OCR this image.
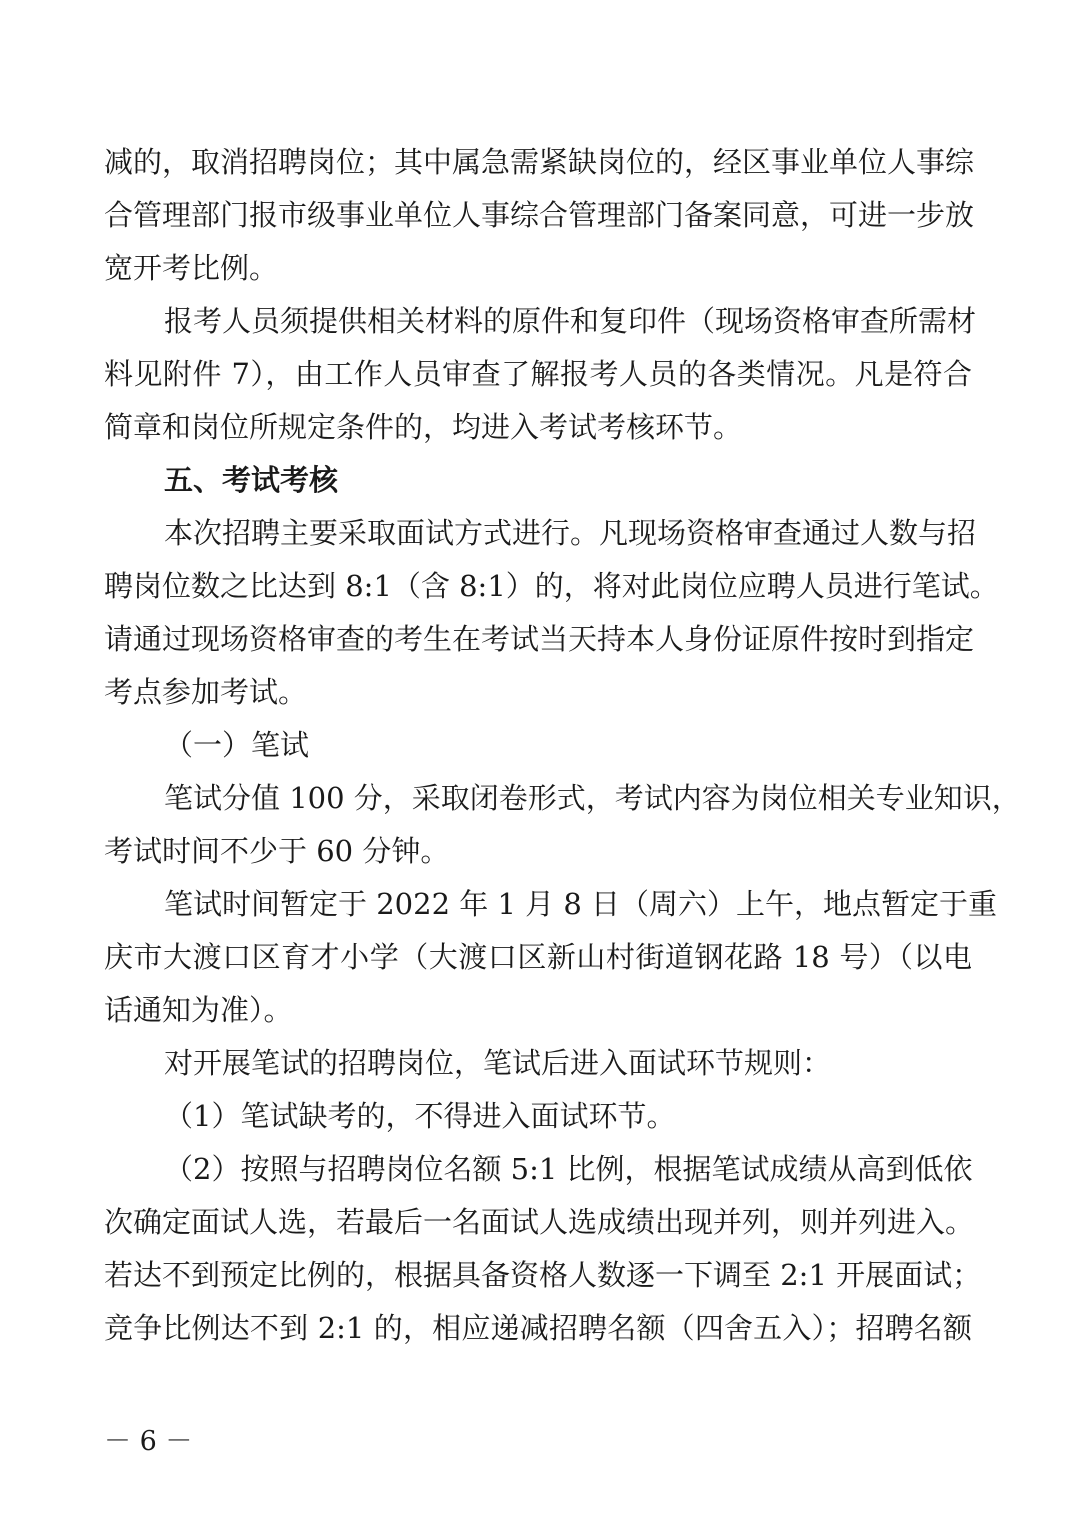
减的，取消招聘岗位；其中属急需紧缺岗位的，经区事业单位人事综
合管理部门报市级事业单位人事综合管理部门备案同意，可进一步放
宽开考比例。
报考人员须提供相关材料的原件和复印件（现场资格审查所需材
料见附件 7），由工作人员审查了解报考人员的各类情况。凡是符合
简章和岗位所规定条件的，均进入考试考核环节。
五、考试考核
本次招聘主要采取面试方式进行。凡现场资格审查通过人数与招
聘岗位数之比达到 8:1（含 8:1）的，将对此岗位应聘人员进行笔试。
请通过现场资格审查的考生在考试当天持本人身份证原件按时到指定
考点参加考试。
（一）笔试
笔试分值 100 分，采取闭卷形式，考试内容为岗位相关专业知识，
考试时间不少于 60 分钟。
笔试时间暂定于 2022 年 1 月 8 日（周六）上午，地点暂定于重
庆市大渡口区育才小学（大渡口区新山村街道钢花路 18 号）（以电
话通知为准）。
对开展笔试的招聘岗位，笔试后进入面试环节规则：
（1）笔试缺考的，不得进入面试环节。
（2）按照与招聘岗位名额 5:1 比例，根据笔试成绩从高到低依
次确定面试人选，若最后一名面试人选成绩出现并列，则并列进入。
若达不到预定比例的，根据具备资格人数逐一下调至 2:1 开展面试；
竞争比例达不到 2:1 的，相应递减招聘名额（四舍五入）；招聘名额
－ 6 －
